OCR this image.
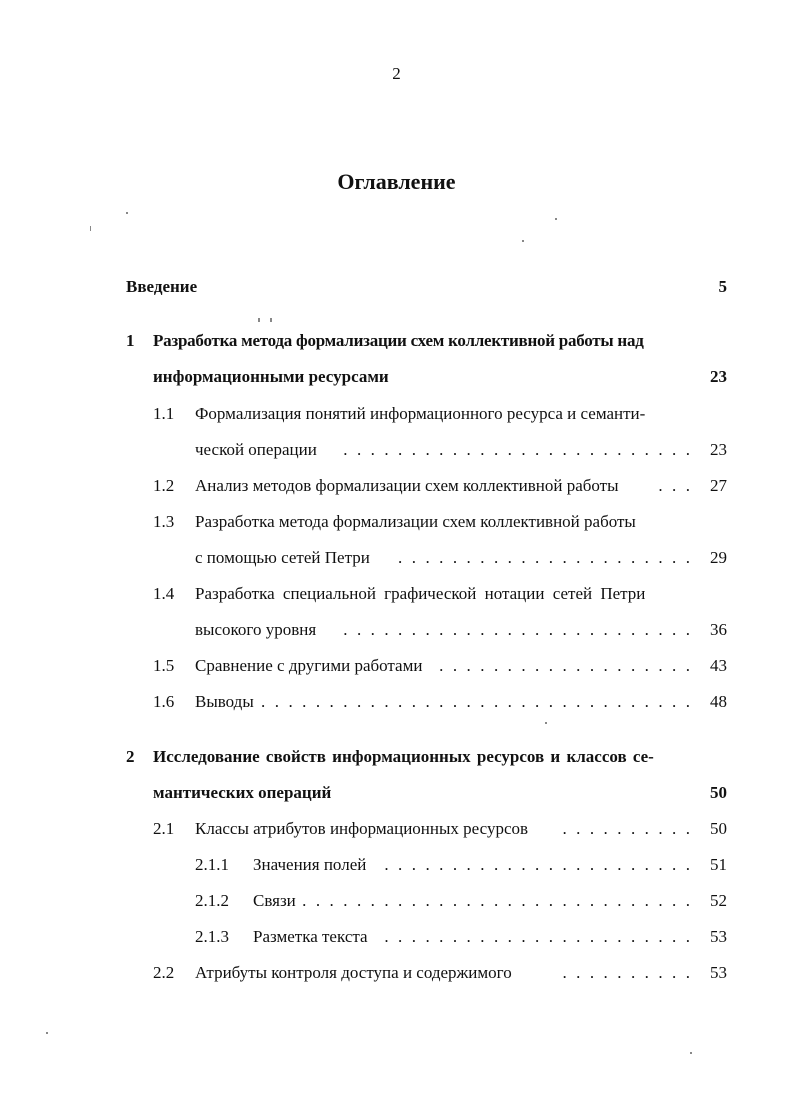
2
Оглавление
Введение	5
1 Разработка метода формализации схем коллективной работы над
информационными ресурсами	23
1.1 Формализация понятий информационного ресурса и семанти-
ческой операции . . .	23
1.2 Анализ методов формализации схем коллективной работы . . .	27
1.3 Разработка метода формализации схем коллективной работы
с помощью сетей Петри . . .	29
1.4 Разработка специальной графической нотации сетей Петри
высокого уровня . . .	36
1.5 Сравнение с другими работами . . .	43
1.6 Выводы . . .	48
2 Исследование свойств информационных ресурсов и классов се-
мантических операций	50
2.1 Классы атрибутов информационных ресурсов . . .	50
2.1.1 Значения полей . . .	51
2.1.2 Связи . . .	52
2.1.3 Разметка текста . . .	53
2.2 Атрибуты контроля доступа и содержимого . . .	53
